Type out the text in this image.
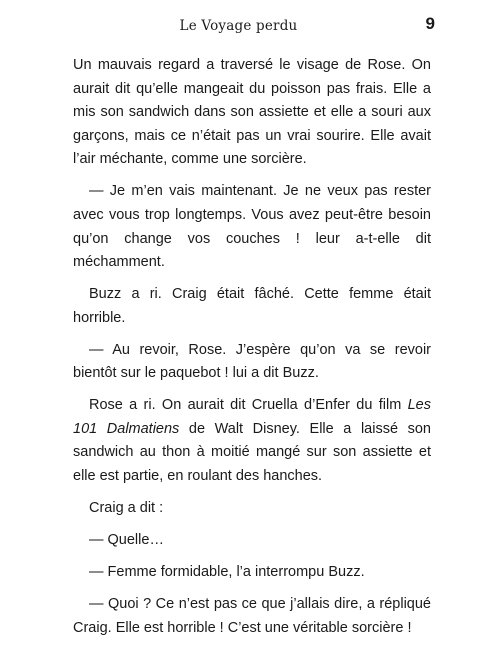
Le Voyage perdu	9

Un mauvais regard a traversé le visage de Rose. On aurait dit qu’elle mangeait du poisson pas frais. Elle a mis son sandwich dans son assiette et elle a souri aux garçons, mais ce n’était pas un vrai sourire. Elle avait l’air méchante, comme une sorcière.

— Je m’en vais maintenant. Je ne veux pas rester avec vous trop longtemps. Vous avez peut-être besoin qu’on change vos couches ! leur a-t-elle dit méchamment.

Buzz a ri. Craig était fâché. Cette femme était horrible.

— Au revoir, Rose. J’espère qu’on va se revoir bientôt sur le paquebot ! lui a dit Buzz.

Rose a ri. On aurait dit Cruella d’Enfer du film Les 101 Dalmatiens de Walt Disney. Elle a laissé son sandwich au thon à moitié mangé sur son assiette et elle est partie, en roulant des hanches.

Craig a dit :

— Quelle…

— Femme formidable, l’a interrompu Buzz.

— Quoi ? Ce n’est pas ce que j’allais dire, a répliqué Craig. Elle est horrible ! C’est une véritable sorcière !
